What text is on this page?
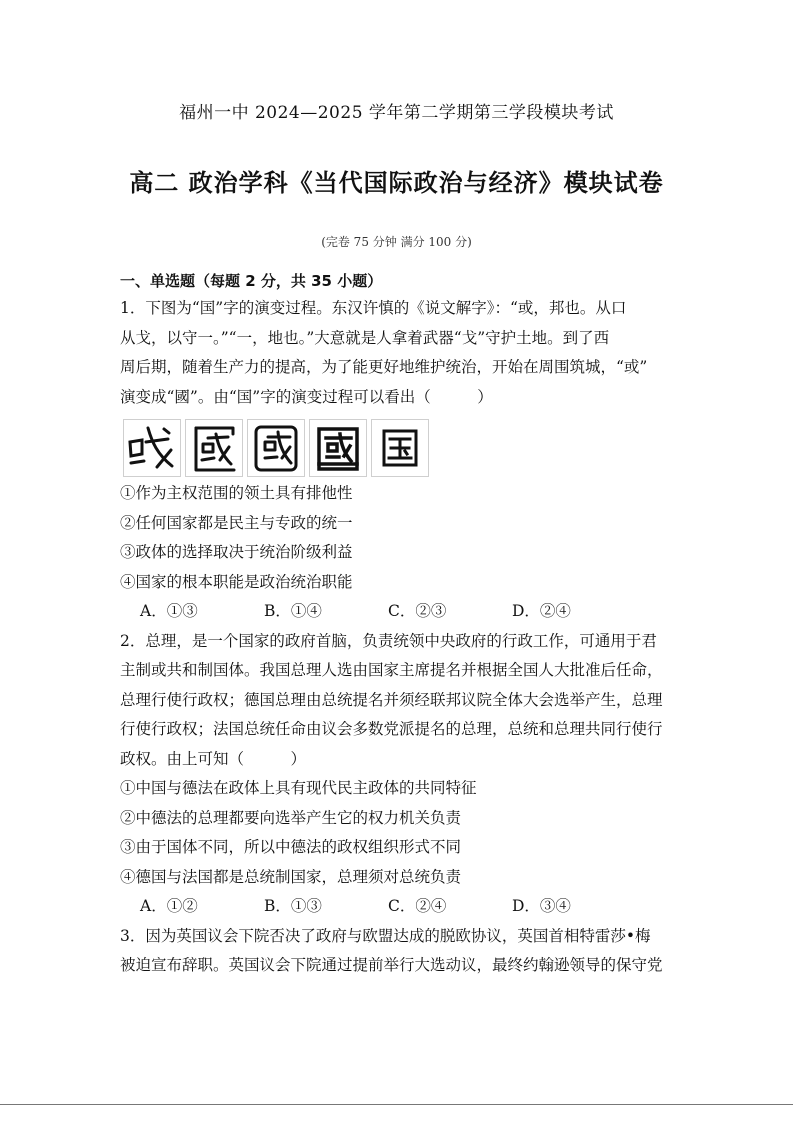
福州一中 2024—2025 学年第二学期第三学段模块考试
高二 政治学科《当代国际政治与经济》模块试卷
(完卷 75 分钟 满分 100 分)
一、单选题（每题 2 分，共 35 小题）

1．下图为“国”字的演变过程。东汉许慎的《说文解字》：“或，邦也。从口
从戈，以守一。”“一，地也。”大意就是人拿着武器“戈”守护土地。到了西
周后期，随着生产力的提高，为了能更好地维护统治，开始在周围筑城，“或”
演变成“國”。由“国”字的演变过程可以看出（　　　）

①作为主权范围的领土具有排他性

②任何国家都是民主与专政的统一

③政体的选择取决于统治阶级利益

④国家的根本职能是政治统治职能

A．①③	B．①④	C．②③	D．②④

2．总理，是一个国家的政府首脑，负责统领中央政府的行政工作，可通用于君
主制或共和制国体。我国总理人选由国家主席提名并根据全国人大批准后任命，
总理行使行政权；德国总理由总统提名并须经联邦议院全体大会选举产生，总理
行使行政权；法国总统任命由议会多数党派提名的总理，总统和总理共同行使行
政权。由上可知（　　　）

①中国与德法在政体上具有现代民主政体的共同特征

②中德法的总理都要向选举产生它的权力机关负责

③由于国体不同，所以中德法的政权组织形式不同

④德国与法国都是总统制国家，总理须对总统负责

A．①②	B．①③	C．②④	D．③④

3．因为英国议会下院否决了政府与欧盟达成的脱欧协议，英国首相特雷莎•梅
被迫宣布辞职。英国议会下院通过提前举行大选动议，最终约翰逊领导的保守党
